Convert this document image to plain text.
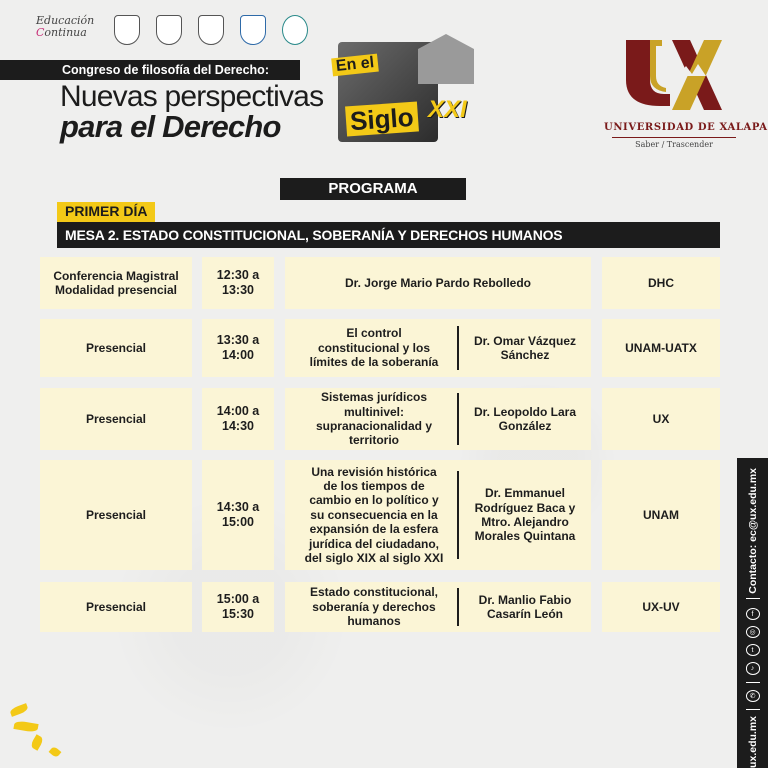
Educación
Continua
Congreso de filosofía del Derecho:
Nuevas perspectivas
para el Derecho
En el
Siglo XXI
UNIVERSIDAD DE XALAPA
Saber / Trascender
PROGRAMA
PRIMER DÍA
MESA 2. ESTADO CONSTITUCIONAL, SOBERANÍA Y DERECHOS HUMANOS
Conferencia Magistral
Modalidad presencial
12:30 a
13:30
Dr. Jorge Mario Pardo Rebolledo	DHC
Presencial
13:30 a
14:00
El control
constitucional y los
límites de la soberanía
Dr. Omar Vázquez
Sánchez
UNAM-UATX
Presencial
14:00 a
14:30
Sistemas jurídicos
multinivel:
supranacionalidad y
territorio
Dr. Leopoldo Lara
González
UX
Presencial
14:30 a
15:00
Una revisión histórica
de los tiempos de
cambio en lo político y
su consecuencia en la
expansión de la esfera
jurídica del ciudadano,
del siglo XIX al siglo XXI
Dr. Emmanuel
Rodríguez Baca y
Mtro. Alejandro
Morales Quintana
UNAM
Presencial
15:00 a
15:30
Estado constitucional,
soberanía y derechos
humanos
Dr. Manlio Fabio
Casarín León
UX-UV
Contacto: ec@ux.edu.mx
f
◎
t
♪
✆
ux.edu.mx
